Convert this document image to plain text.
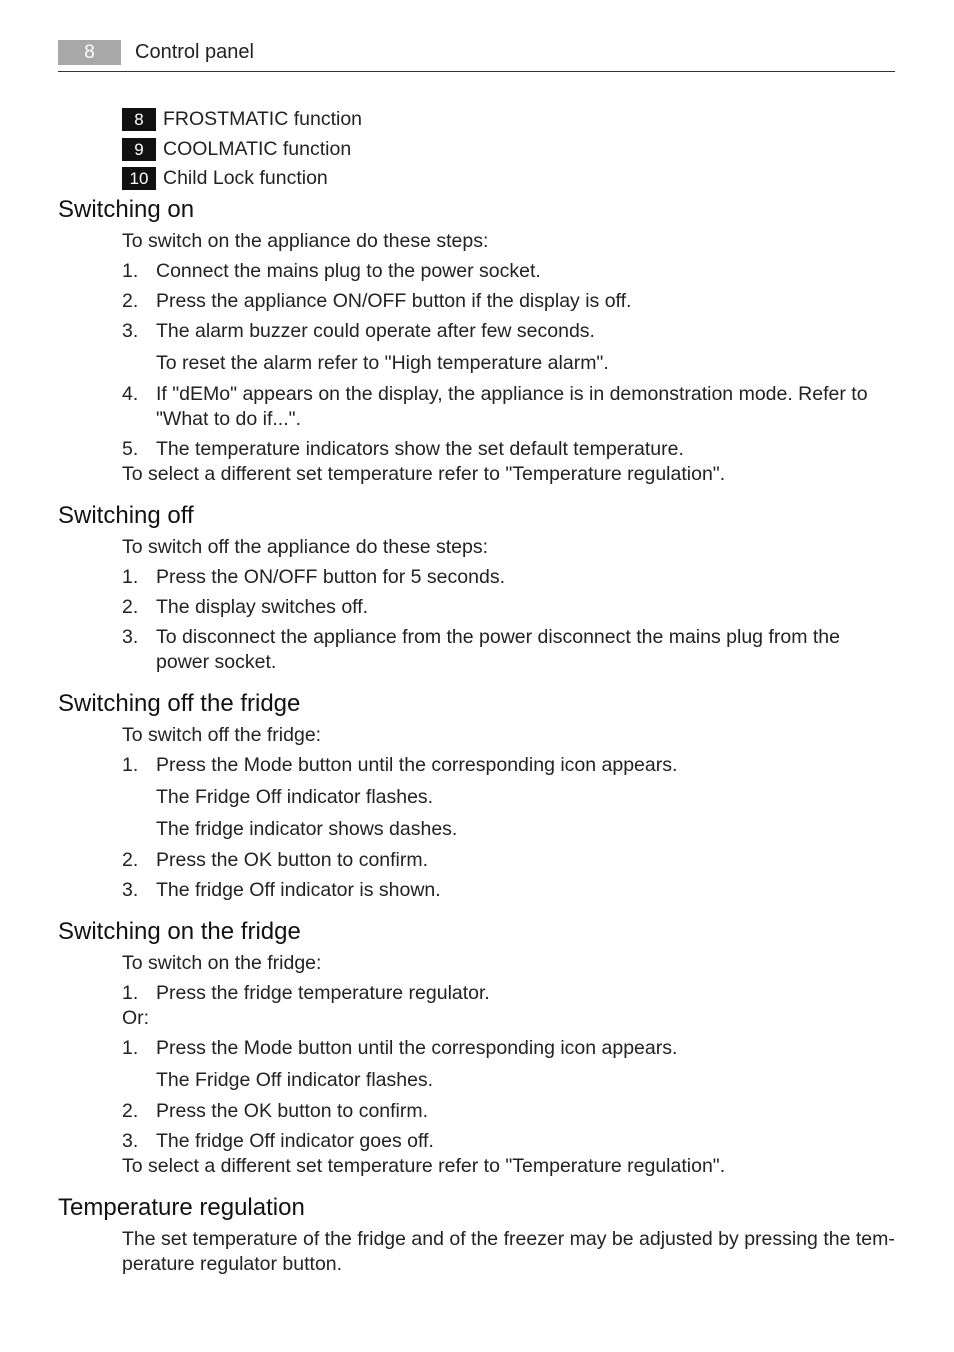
8	Control panel
8 FROSTMATIC function
9 COOLMATIC function
10 Child Lock function
Switching on
To switch on the appliance do these steps:
1. Connect the mains plug to the power socket.
2. Press the appliance ON/OFF button if the display is off.
3. The alarm buzzer could operate after few seconds.
To reset the alarm refer to "High temperature alarm".
4. If "dEMo" appears on the display, the appliance is in demonstration mode. Refer to "What to do if...".
5. The temperature indicators show the set default temperature.
To select a different set temperature refer to "Temperature regulation".
Switching off
To switch off the appliance do these steps:
1. Press the ON/OFF button for 5 seconds.
2. The display switches off.
3. To disconnect the appliance from the power disconnect the mains plug from the power socket.
Switching off the fridge
To switch off the fridge:
1. Press the Mode button until the corresponding icon appears.
The Fridge Off indicator flashes.
The fridge indicator shows dashes.
2. Press the OK button to confirm.
3. The fridge Off indicator is shown.
Switching on the fridge
To switch on the fridge:
1. Press the fridge temperature regulator.
Or:
1. Press the Mode button until the corresponding icon appears.
The Fridge Off indicator flashes.
2. Press the OK button to confirm.
3. The fridge Off indicator goes off.
To select a different set temperature refer to "Temperature regulation".
Temperature regulation
The set temperature of the fridge and of the freezer may be adjusted by pressing the tem- perature regulator button.
